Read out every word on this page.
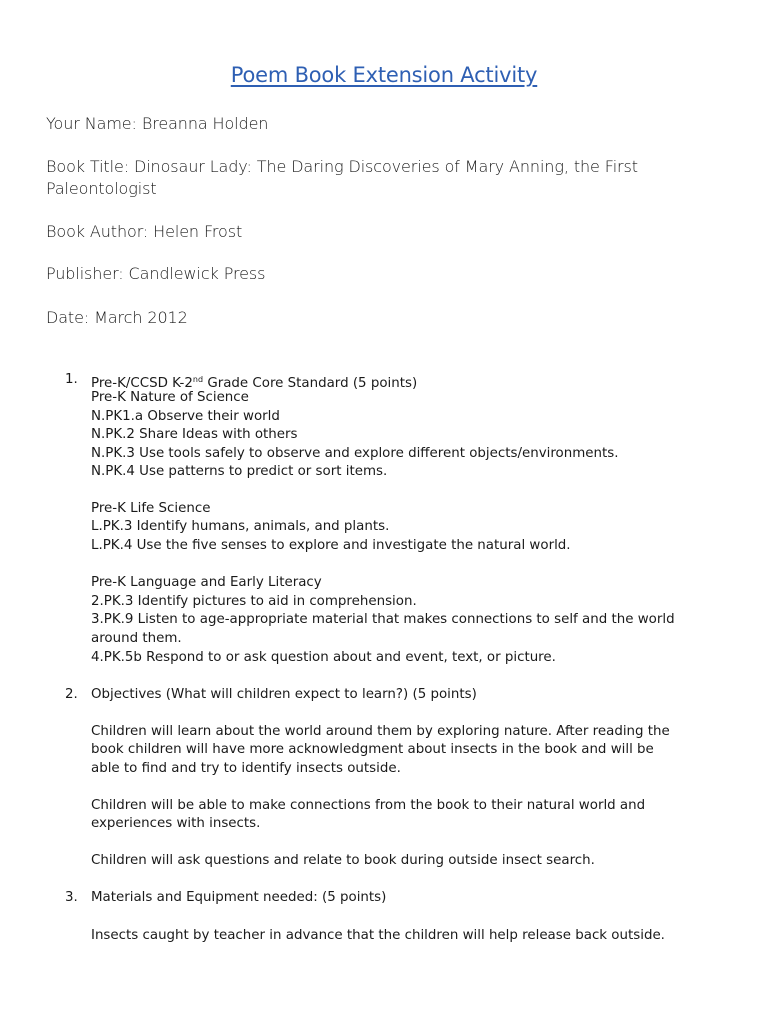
Poem Book Extension Activity
Your Name: Breanna Holden
Book Title: Dinosaur Lady: The Daring Discoveries of Mary Anning, the First
Paleontologist
Book Author: Helen Frost
Publisher: Candlewick Press
Date: March 2012
1. Pre-K/CCSD K-2nd Grade Core Standard (5 points)
Pre-K Nature of Science
N.PK1.a Observe their world
N.PK.2 Share Ideas with others
N.PK.3 Use tools safely to observe and explore different objects/environments.
N.PK.4 Use patterns to predict or sort items.
Pre-K Life Science
L.PK.3 Identify humans, animals, and plants.
L.PK.4 Use the five senses to explore and investigate the natural world.
Pre-K Language and Early Literacy
2.PK.3 Identify pictures to aid in comprehension.
3.PK.9 Listen to age-appropriate material that makes connections to self and the world
around them.
4.PK.5b Respond to or ask question about and event, text, or picture.
2. Objectives (What will children expect to learn?) (5 points)
Children will learn about the world around them by exploring nature. After reading the
book children will have more acknowledgment about insects in the book and will be
able to find and try to identify insects outside.
Children will be able to make connections from the book to their natural world and
experiences with insects.
Children will ask questions and relate to book during outside insect search.
3. Materials and Equipment needed: (5 points)
Insects caught by teacher in advance that the children will help release back outside.
